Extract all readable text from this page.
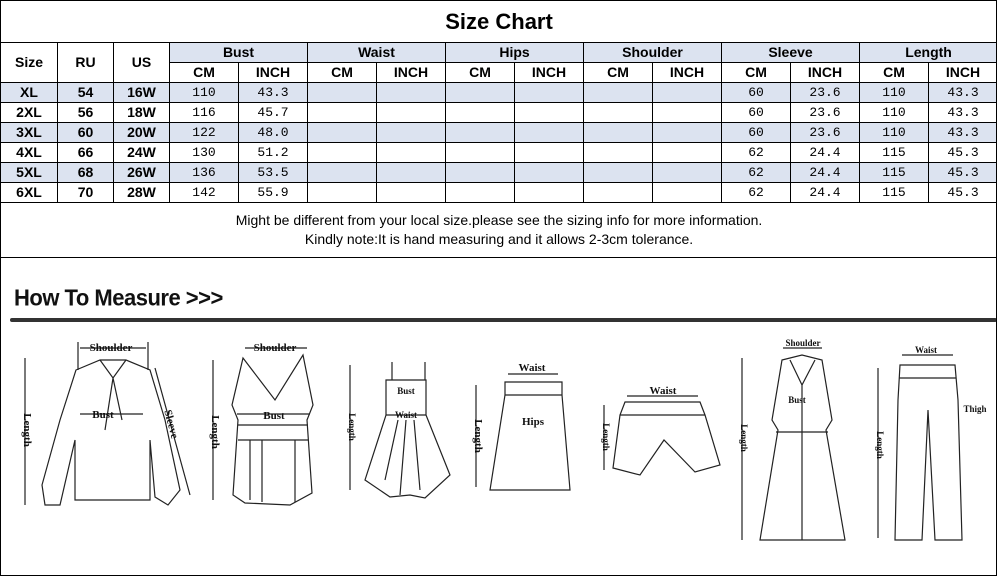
Size Chart														
Size	RU	US	Bust		Waist		Hips		Shoulder		Sleeve		Length	
			CM	INCH	CM	INCH	CM	INCH	CM	INCH	CM	INCH	CM	INCH
XL	54	16W	110	43.3							60	23.6	110	43.3
2XL	56	18W	116	45.7							60	23.6	110	43.3
3XL	60	20W	122	48.0							60	23.6	110	43.3
4XL	66	24W	130	51.2							62	24.4	115	45.3
5XL	68	26W	136	53.5							62	24.4	115	45.3
6XL	70	28W	142	55.9							62	24.4	115	45.3

Might be different from your local size.please see the sizing info for more information.
Kindly note:It is hand measuring and it allows 2-3cm tolerance.														
How To Measure >>>
Shoulder
Bust
Length	Sleeve
Shoulder
Bust
Length
Bust
Waist
Length
Waist
Hips
Length
Waist
Length
Shoulder
Bust
Length
Waist
Thigh
Length
